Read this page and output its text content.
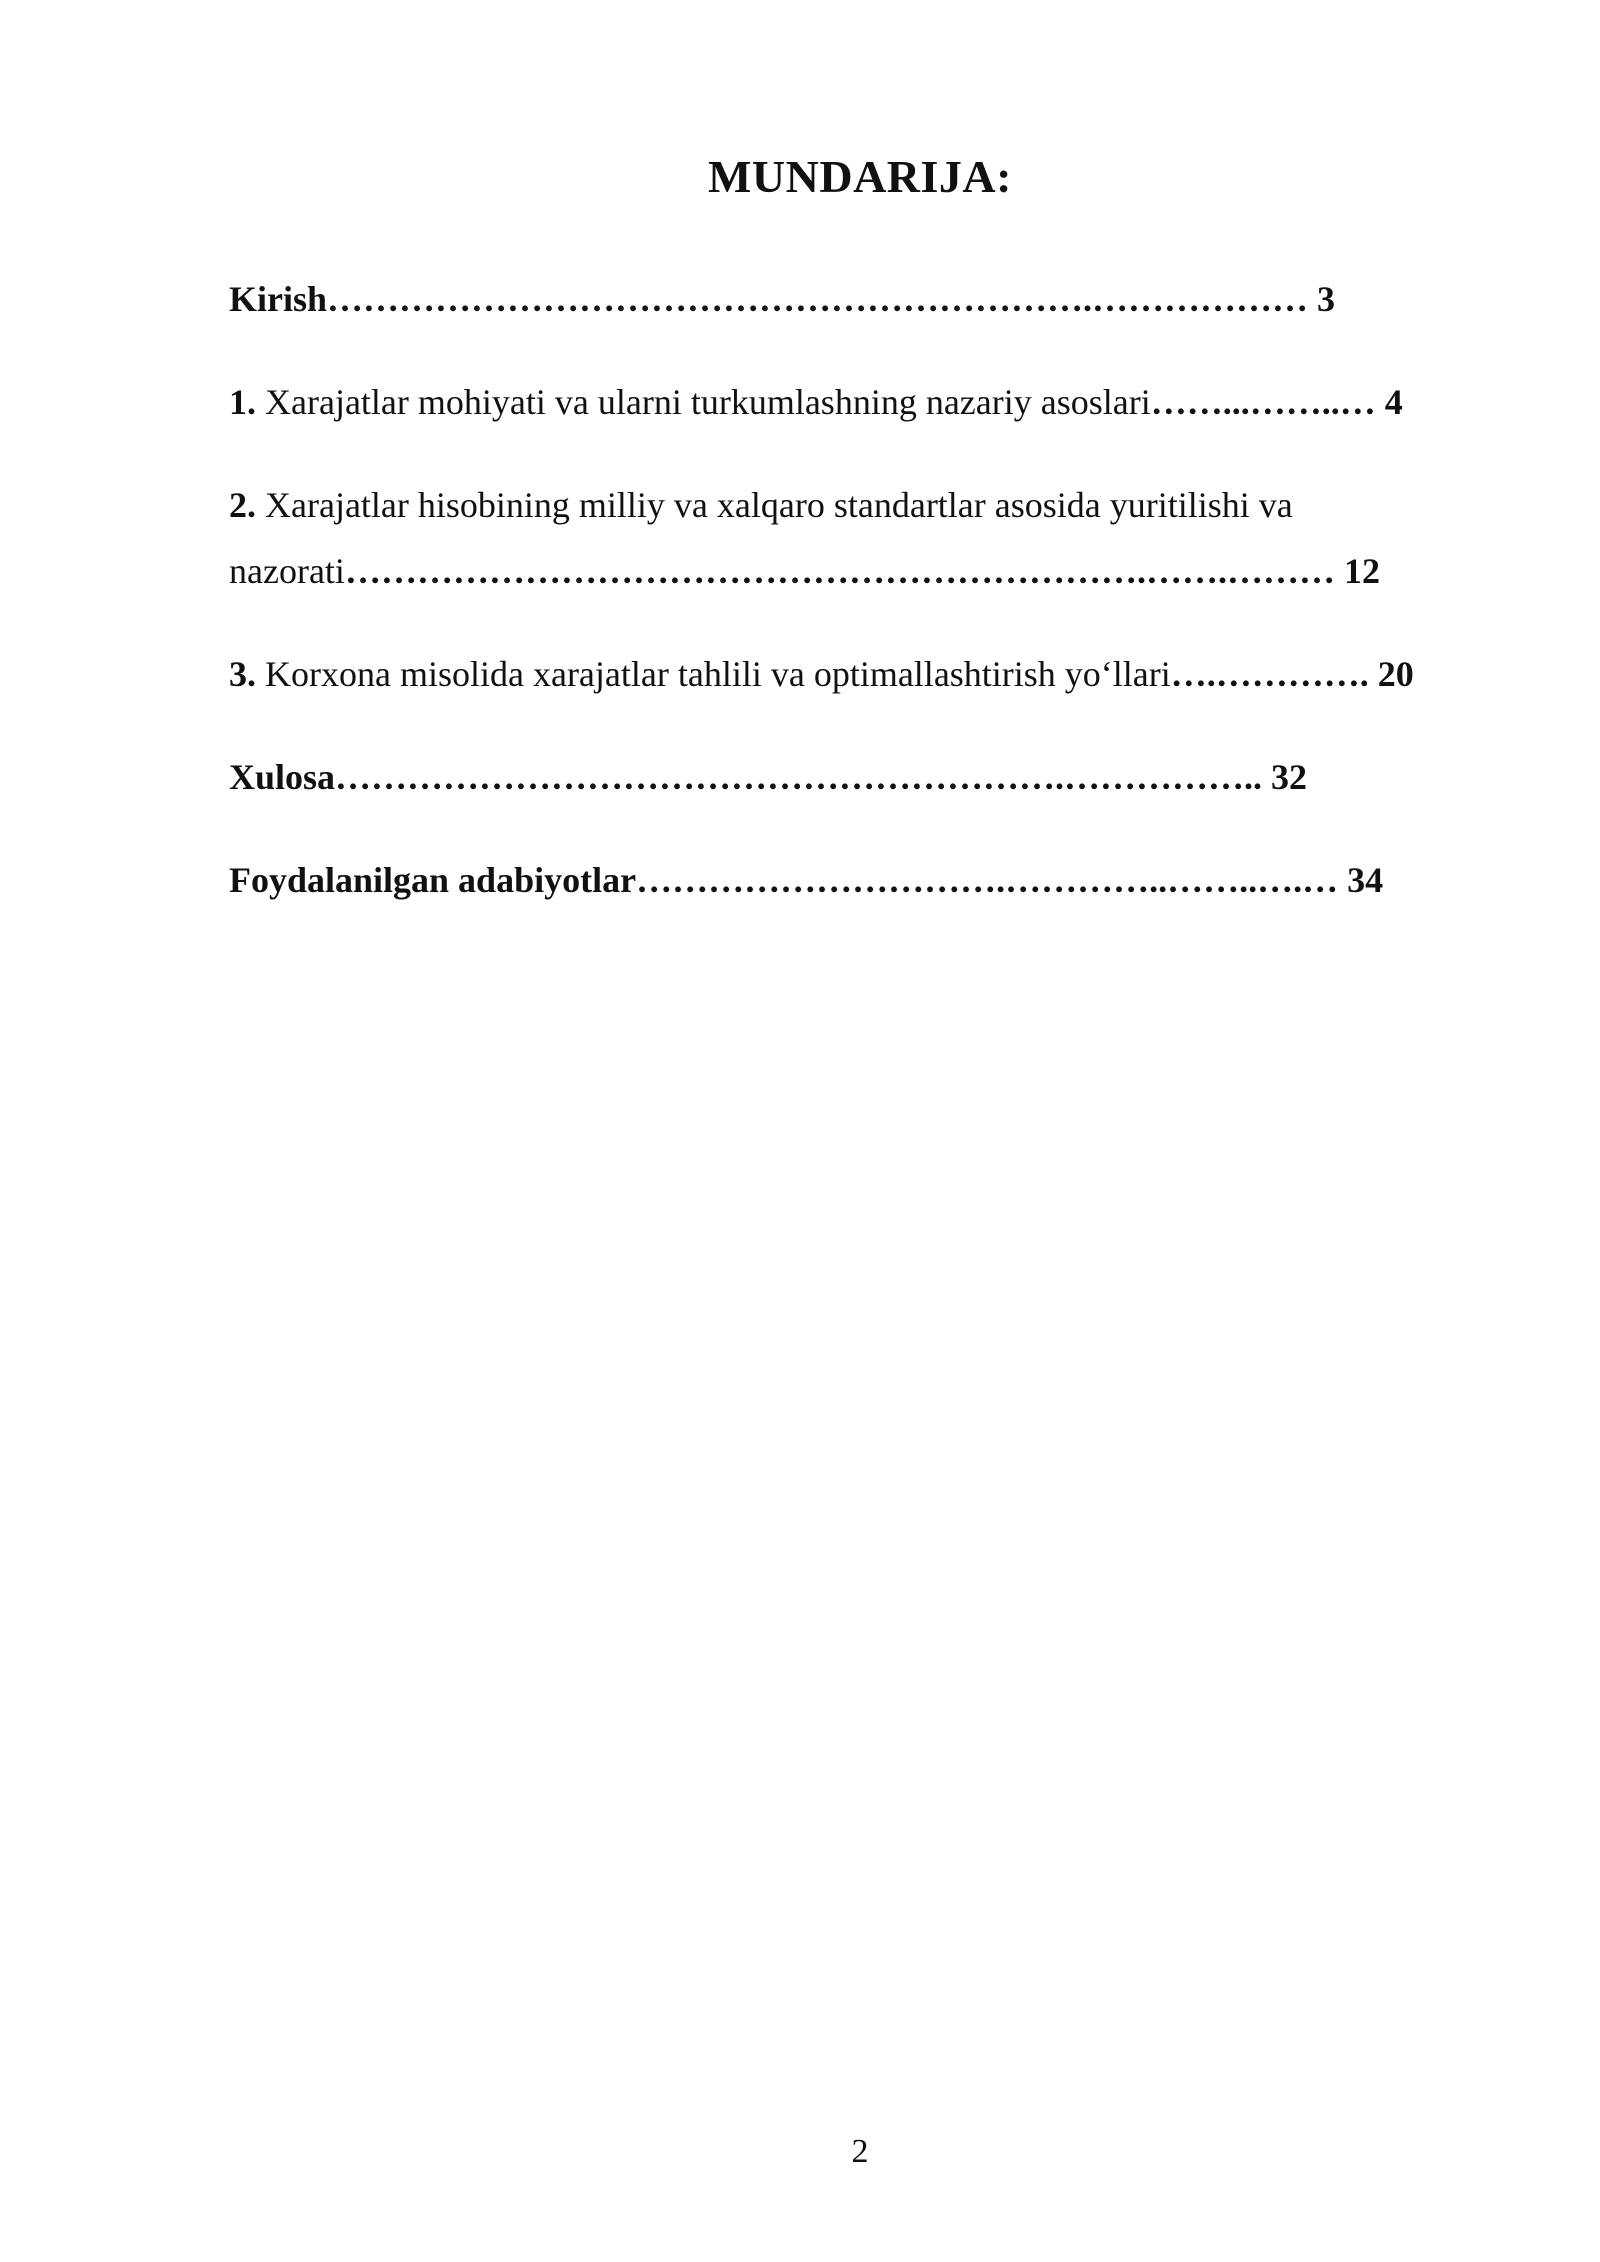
MUNDARIJA:
Kirish……………………………………………………….……………… 3
1. Xarajatlar mohiyati va ularni turkumlashning nazariy asoslari……...……..… 4
2. Xarajatlar hisobining milliy va xalqaro standartlar asosida yuritilishi va
nazorati………………………………………………………….…….……… 12
3. Korxona misolida xarajatlar tahlili va optimallashtirish yo‘llari….…………. 20
Xulosa…………………………………………………….…………….. 32
Foydalanilgan adabiyotlar………………………….…………..……..….… 34
2
